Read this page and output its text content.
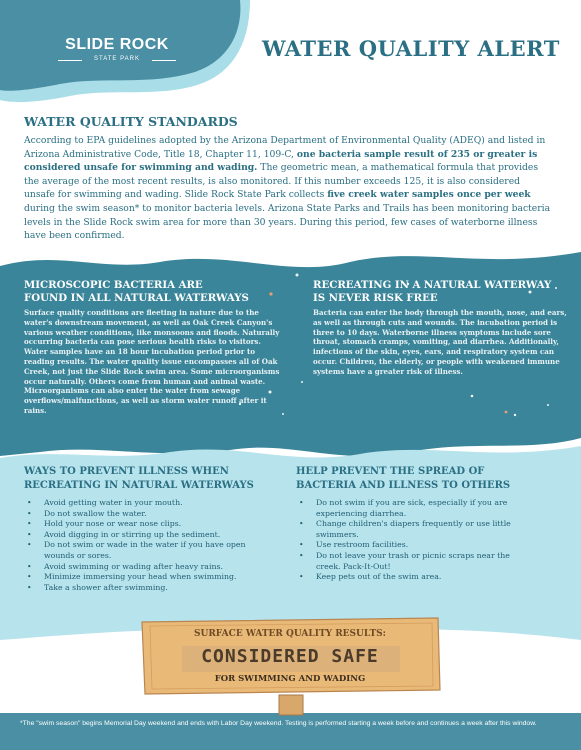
SLIDE ROCK
STATE PARK	WATER QUALITY ALERT
WATER QUALITY STANDARDS
According to EPA guidelines adopted by the Arizona Department of Environmental Quality (ADEQ) and listed in Arizona Administrative Code, Title 18, Chapter 11, 109-C, one bacteria sample result of 235 or greater is considered unsafe for swimming and wading. The geometric mean, a mathematical formula that provides the average of the most recent results, is also monitored. If this number exceeds 125, it is also considered unsafe for swimming and wading. Slide Rock State Park collects five creek water samples once per week during the swim season* to monitor bacteria levels. Arizona State Parks and Trails has been monitoring bacteria levels in the Slide Rock swim area for more than 30 years. During this period, few cases of waterborne illness have been confirmed.
MICROSCOPIC BACTERIA ARE
FOUND IN ALL NATURAL WATERWAYS
Surface quality conditions are fleeting in nature due to the water's downstream movement, as well as Oak Creek Canyon's various weather conditions, like monsoons and floods. Naturally occurring bacteria can pose serious health risks to visitors. Water samples have an 18 hour incubation period prior to reading results. The water quality issue encompasses all of Oak Creek, not just the Slide Rock swim area. Some microorganisms occur naturally. Others come from human and animal waste. Microorganisms can also enter the water from sewage overflows/malfunctions, as well as storm water runoff after it rains.
RECREATING IN A NATURAL WATERWAY
IS NEVER RISK FREE
Bacteria can enter the body through the mouth, nose, and ears, as well as through cuts and wounds. The incubation period is three to 10 days. Waterborne illness symptoms include sore throat, stomach cramps, vomiting, and diarrhea. Additionally, infections of the skin, eyes, ears, and respiratory system can occur. Children, the elderly, or people with weakened immune systems have a greater risk of illness.
WAYS TO PREVENT ILLNESS WHEN
RECREATING IN NATURAL WATERWAYS
• Avoid getting water in your mouth.
• Do not swallow the water.
• Hold your nose or wear nose clips.
• Avoid digging in or stirring up the sediment.
• Do not swim or wade in the water if you have open wounds or sores.
• Avoid swimming or wading after heavy rains.
• Minimize immersing your head when swimming.
• Take a shower after swimming.
HELP PREVENT THE SPREAD OF
BACTERIA AND ILLNESS TO OTHERS
• Do not swim if you are sick, especially if you are experiencing diarrhea.
• Change children's diapers frequently or use little swimmers.
• Use restroom facilities.
• Do not leave your trash or picnic scraps near the creek. Pack-It-Out!
• Keep pets out of the swim area.
SURFACE WATER QUALITY RESULTS:
CONSIDERED SAFE
FOR SWIMMING AND WADING
*The "swim season" begins Memorial Day weekend and ends with Labor Day weekend. Testing is performed starting a week before and continues a week after this window.
